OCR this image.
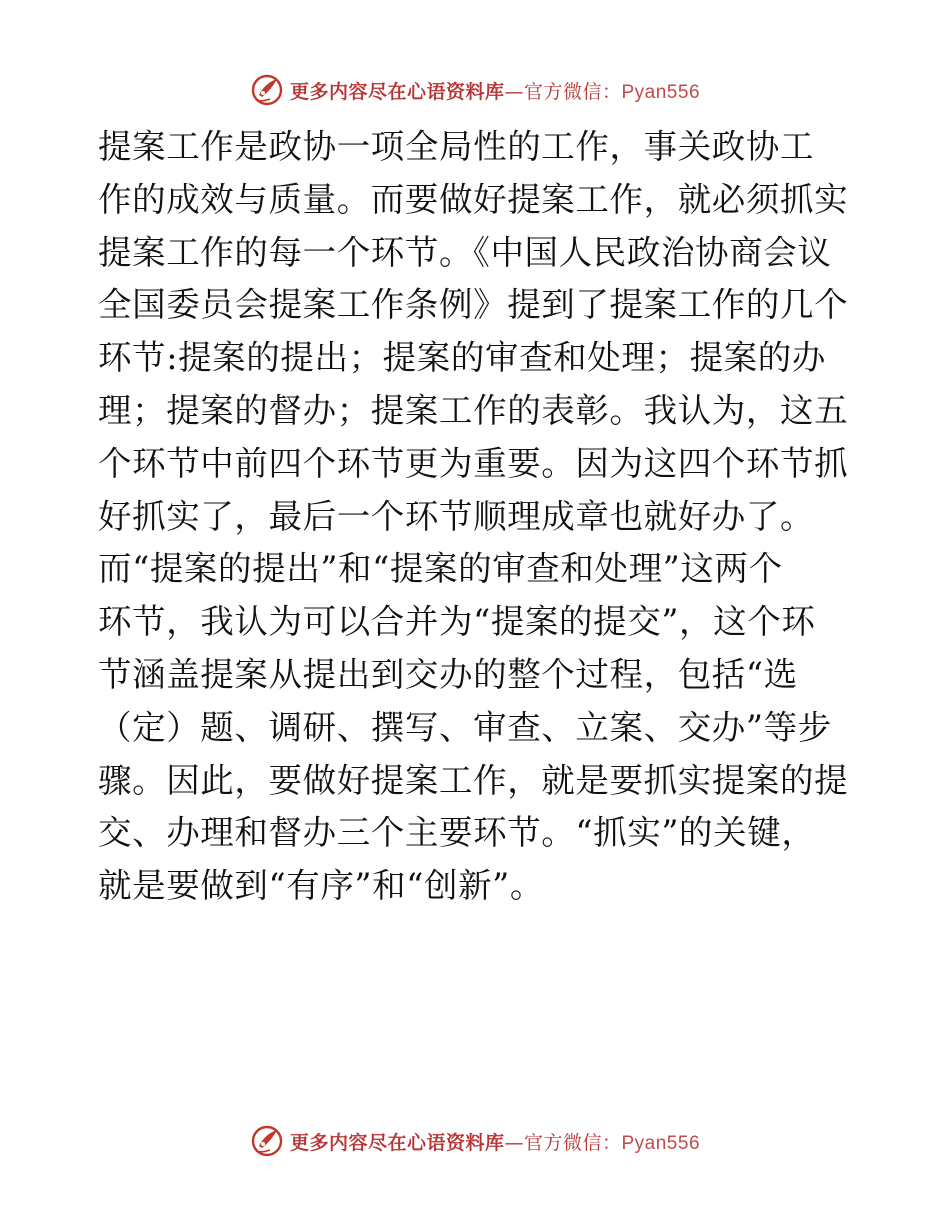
更多内容尽在心语资料库—官方微信：Pyan556
提案工作是政协一项全局性的工作，事关政协工
作的成效与质量。而要做好提案工作，就必须抓实
提案工作的每一个环节。《中国人民政治协商会议
全国委员会提案工作条例》提到了提案工作的几个
环节:提案的提出；提案的审查和处理；提案的办
理；提案的督办；提案工作的表彰。我认为，这五
个环节中前四个环节更为重要。因为这四个环节抓
好抓实了，最后一个环节顺理成章也就好办了。
而“提案的提出”和“提案的审查和处理”这两个
环节，我认为可以合并为“提案的提交”，这个环
节涵盖提案从提出到交办的整个过程，包括“选
（定）题、调研、撰写、审查、立案、交办”等步
骤。因此，要做好提案工作，就是要抓实提案的提
交、办理和督办三个主要环节。“抓实”的关键，
就是要做到“有序”和“创新”。
更多内容尽在心语资料库—官方微信：Pyan556
